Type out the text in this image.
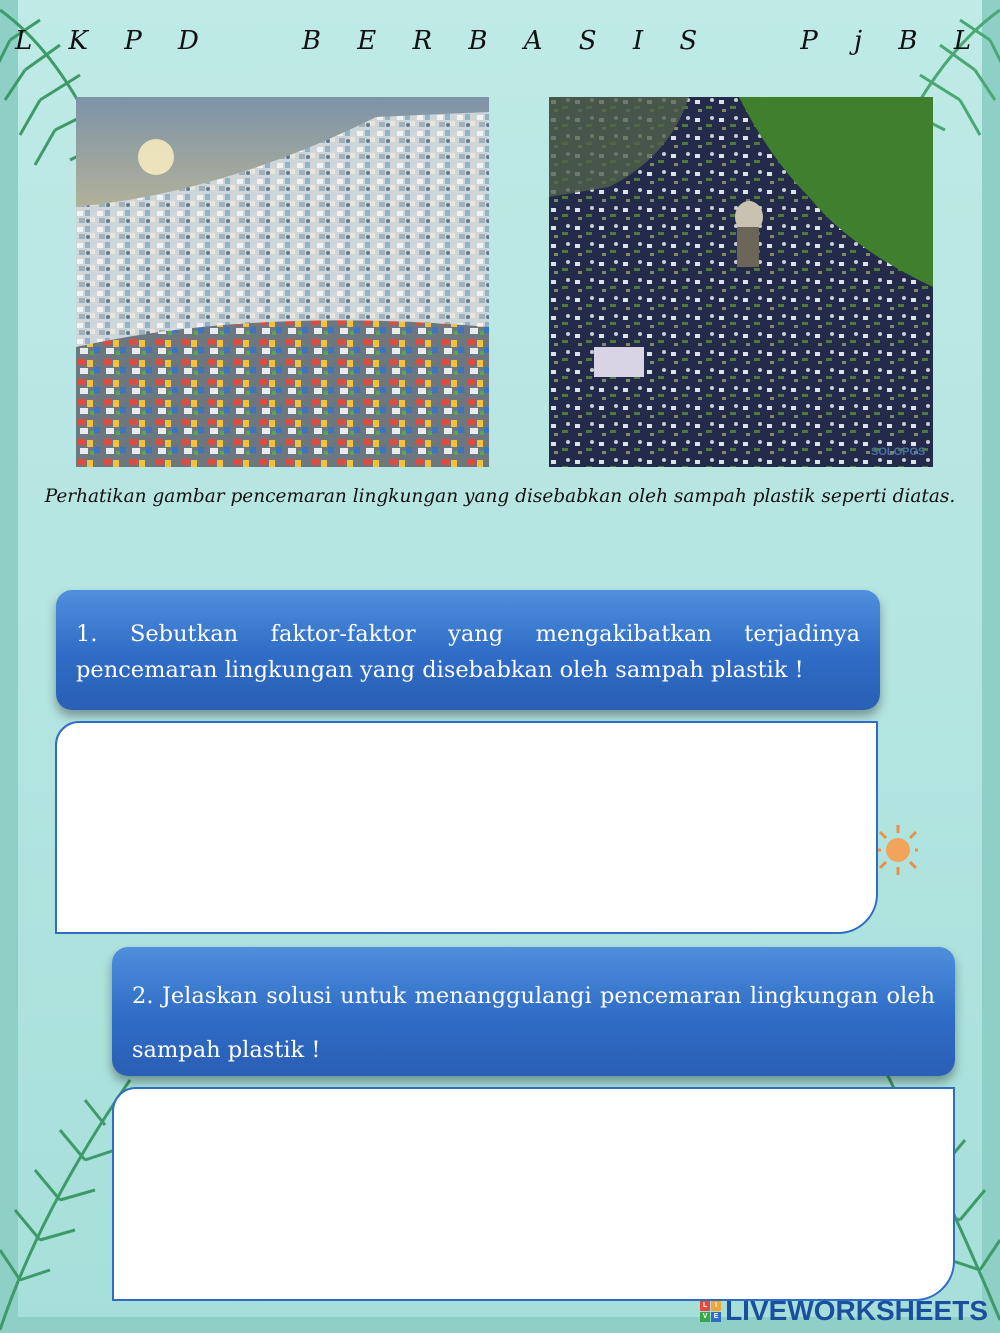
L K P D    B E R B A S I S    P j B L
SOLOPOS
Perhatikan gambar pencemaran lingkungan yang disebabkan oleh sampah plastik seperti diatas.
1. Sebutkan faktor-faktor yang mengakibatkan terjadinya pencemaran lingkungan yang disebabkan oleh sampah plastik !
2. Jelaskan solusi untuk menanggulangi pencemaran lingkungan oleh sampah plastik !
L	I
V E LIVEWORKSHEETS
